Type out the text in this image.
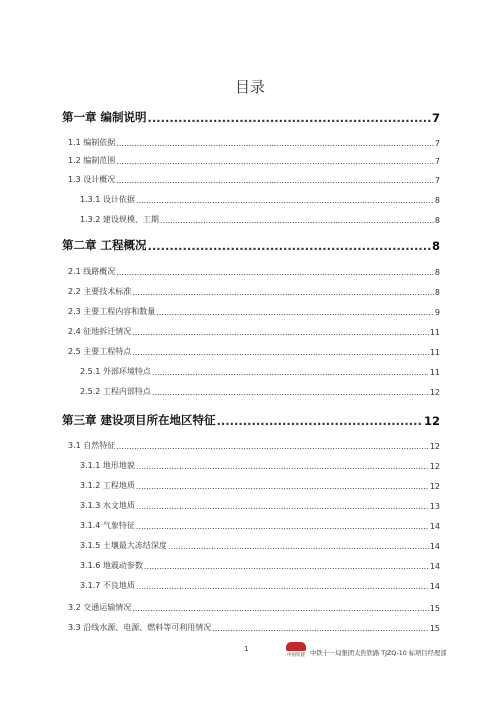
目录
第一章 编制说明 .....	7
1.1 编制依据 .....	7
1.2 编制范围 .....	7
1.3 设计概况 .....	7
1.3.1 设计依据 .....	8
1.3.2 建设规模、工期 .....	8
第二章 工程概况 .....	8
2.1 线路概况 .....	8
2.2 主要技术标准 .....	8
2.3 主要工程内容和数量 .....	9
2.4 征地拆迁情况 .....	11
2.5 主要工程特点 .....	11
2.5.1 外部环境特点 .....	11
2.5.2 工程内部特点 .....	12
第三章 建设项目所在地区特征 .....	12
3.1 自然特征 .....	12
3.1.1 地形地貌 .....	12
3.1.2 工程地质 .....	12
3.1.3 水文地质 .....	13
3.1.4 气象特征 .....	14
3.1.5 土壤最大冻结深度 .....	14
3.1.6 地震动参数 .....	14
3.1.7 不良地质 .....	14
3.2 交通运输情况 .....	15
3.3 沿线水源、电源、燃料等可利用情况 .....	15
1
中国铁建 中铁十一局集团太焦铁路 TJZQ-10 标项目经理部
